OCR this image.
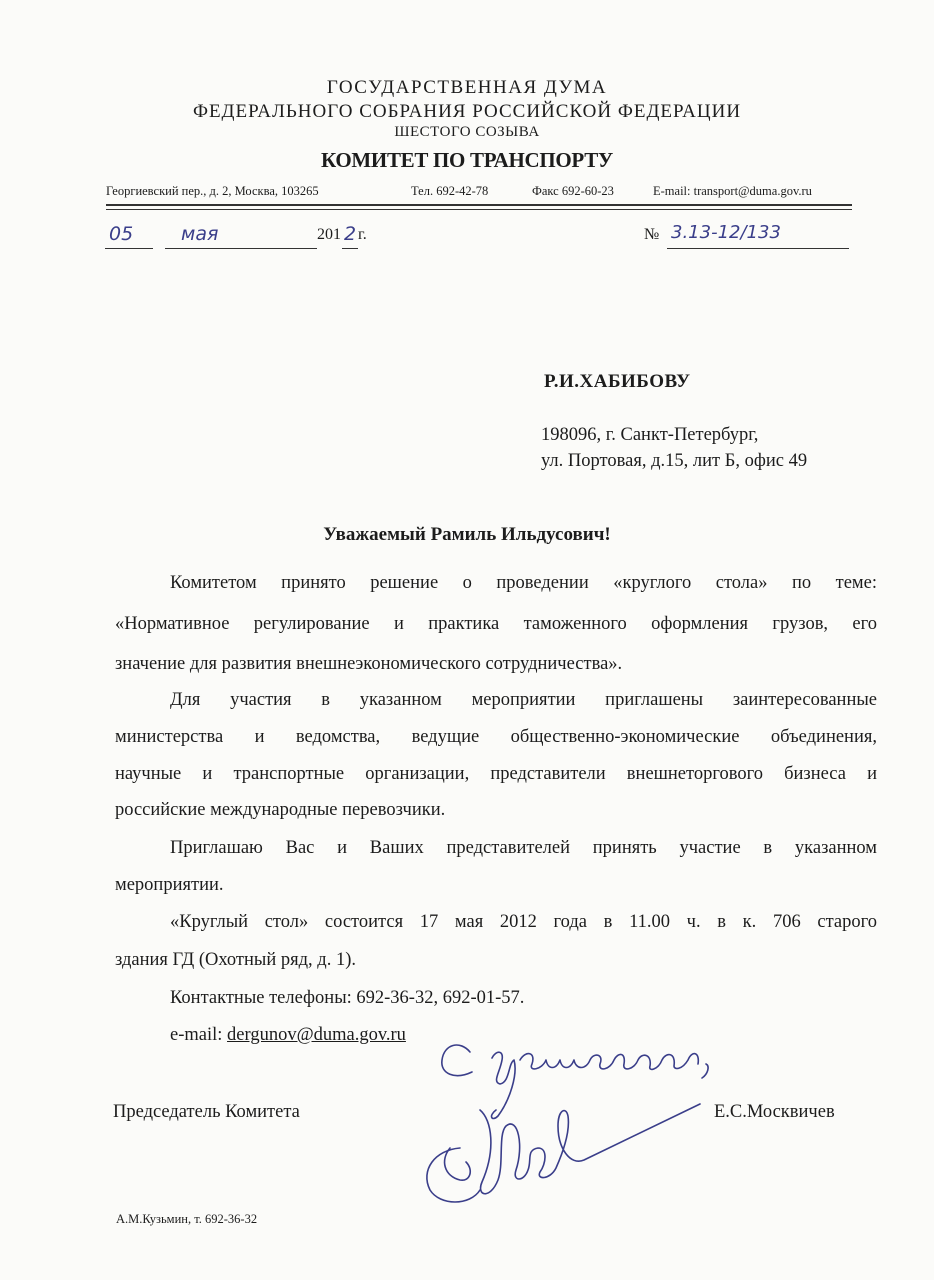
ГОСУДАРСТВЕННАЯ ДУМА
ФЕДЕРАЛЬНОГО СОБРАНИЯ РОССИЙСКОЙ ФЕДЕРАЦИИ
ШЕСТОГО СОЗЫВА
КОМИТЕТ ПО ТРАНСПОРТУ
Георгиевский пер., д. 2, Москва, 103265	Тел. 692-42-78	Факс 692-60-23	E-mail: transport@duma.gov.ru
05	мая	201 2 г.	№ 3.13-12/133
Р.И.ХАБИБОВУ
198096, г. Санкт-Петербург,
ул. Портовая, д.15, лит Б, офис 49
Уважаемый Рамиль Ильдусович!
Комитетом принято решение о проведении «круглого стола» по теме:
«Нормативное регулирование и практика таможенного оформления грузов, его
значение для развития внешнеэкономического сотрудничества».
Для участия в указанном мероприятии приглашены заинтересованные
министерства и ведомства, ведущие общественно-экономические объединения,
научные и транспортные организации, представители внешнеторгового бизнеса и
российские международные перевозчики.
Приглашаю Вас и Ваших представителей принять участие в указанном
мероприятии.
«Круглый стол» состоится 17 мая 2012 года в 11.00 ч. в к. 706 старого
здания ГД (Охотный ряд, д. 1).
Контактные телефоны: 692-36-32, 692-01-57.
e-mail: dergunov@duma.gov.ru
Председатель Комитета	Е.С.Москвичев
А.М.Кузьмин, т. 692-36-32
